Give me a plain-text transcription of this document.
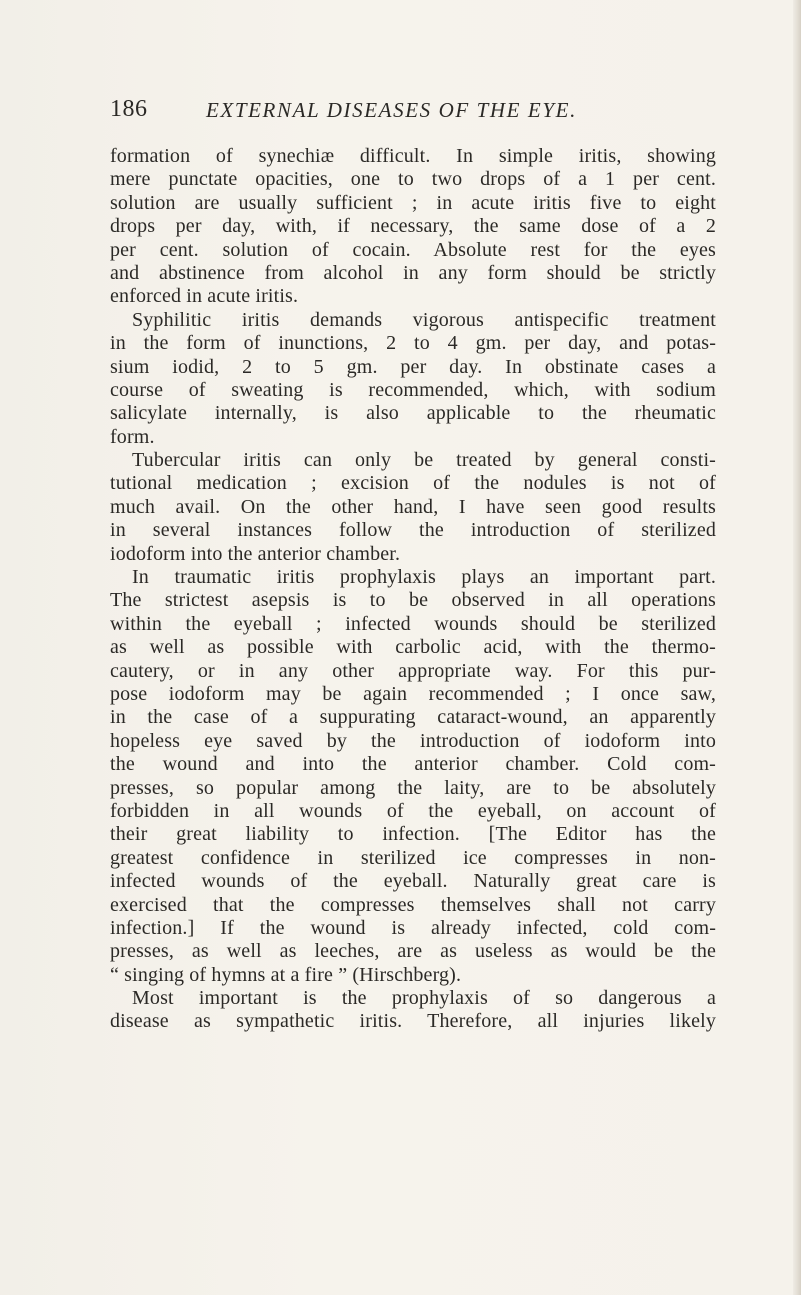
186	EXTERNAL DISEASES OF THE EYE.
formation of synechiæ difficult. In simple iritis, showing
mere punctate opacities, one to two drops of a 1 per cent.
solution are usually sufficient ; in acute iritis five to eight
drops per day, with, if necessary, the same dose of a 2
per cent. solution of cocain. Absolute rest for the eyes
and abstinence from alcohol in any form should be strictly
enforced in acute iritis.
Syphilitic iritis demands vigorous antispecific treatment
in the form of inunctions, 2 to 4 gm. per day, and potas-
sium iodid, 2 to 5 gm. per day. In obstinate cases a
course of sweating is recommended, which, with sodium
salicylate internally, is also applicable to the rheumatic
form.
Tubercular iritis can only be treated by general consti-
tutional medication ; excision of the nodules is not of
much avail. On the other hand, I have seen good results
in several instances follow the introduction of sterilized
iodoform into the anterior chamber.
In traumatic iritis prophylaxis plays an important part.
The strictest asepsis is to be observed in all operations
within the eyeball ; infected wounds should be sterilized
as well as possible with carbolic acid, with the thermo-
cautery, or in any other appropriate way. For this pur-
pose iodoform may be again recommended ; I once saw,
in the case of a suppurating cataract-wound, an apparently
hopeless eye saved by the introduction of iodoform into
the wound and into the anterior chamber. Cold com-
presses, so popular among the laity, are to be absolutely
forbidden in all wounds of the eyeball, on account of
their great liability to infection. [The Editor has the
greatest confidence in sterilized ice compresses in non-
infected wounds of the eyeball. Naturally great care is
exercised that the compresses themselves shall not carry
infection.] If the wound is already infected, cold com-
presses, as well as leeches, are as useless as would be the
“ singing of hymns at a fire ” (Hirschberg).
Most important is the prophylaxis of so dangerous a
disease as sympathetic iritis. Therefore, all injuries likely
